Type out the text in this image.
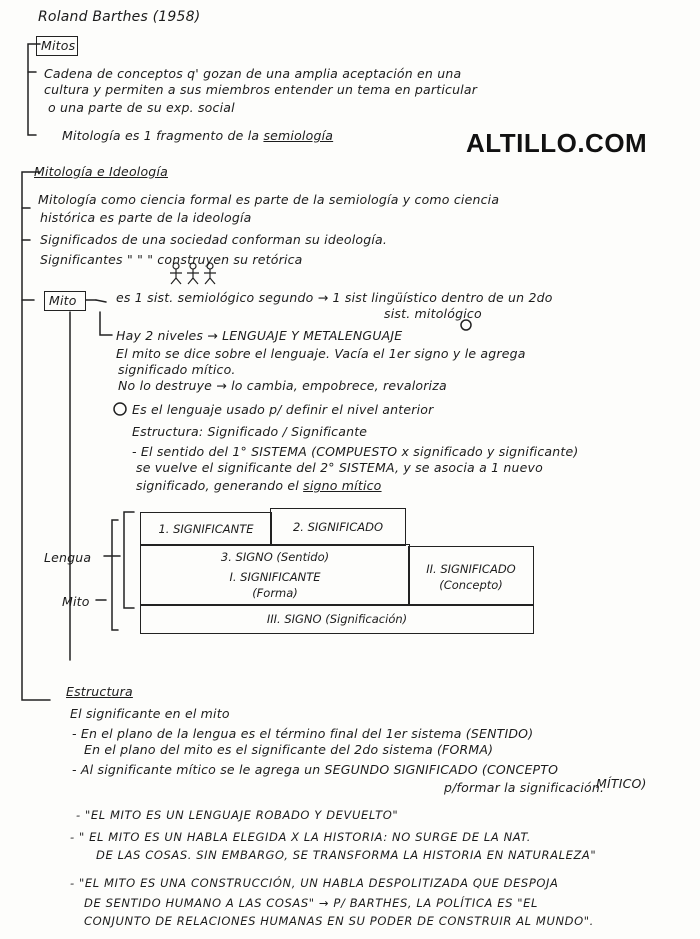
Roland Barthes (1958)
ALTILLO.COM
Mitos
Cadena de conceptos q' gozan de una amplia aceptación en una
cultura y permiten a sus miembros entender un tema en particular
o una parte de su exp. social
Mitología es 1 fragmento de la semiología
Mitología e Ideología
Mitología como ciencia formal es parte de la semiología y como ciencia
histórica es parte de la ideología
Significados de una sociedad conforman su ideología.
Significantes " " " construyen su retórica
Mito	es 1 sist. semiológico segundo → 1 sist lingüístico dentro de un 2do
sist. mitológico
Hay 2 niveles → LENGUAJE Y METALENGUAJE
El mito se dice sobre el lenguaje. Vacía el 1er signo y le agrega
significado mítico.
No lo destruye → lo cambia, empobrece, revaloriza
Es el lenguaje usado p/ definir el nivel anterior
Estructura: Significado / Significante
- El sentido del 1° SISTEMA (COMPUESTO x significado y significante)
se vuelve el significante del 2° SISTEMA, y se asocia a 1 nuevo
significado, generando el signo mítico
1. SIGNIFICANTE	2. SIGNIFICADO
3. SIGNO (Sentido)
I. SIGNIFICANTE
(Forma)
II. SIGNIFICADO
(Concepto)
III. SIGNO (Significación)
Lengua
Mito
Estructura
El significante en el mito
- En el plano de la lengua es el término final del 1er sistema (SENTIDO)
En el plano del mito es el significante del 2do sistema (FORMA)
- Al significante mítico se le agrega un SEGUNDO SIGNIFICADO (CONCEPTO
MÍTICO)
p/formar la significación.
- "EL MITO ES UN LENGUAJE ROBADO Y DEVUELTO"
- " EL MITO ES UN HABLA ELEGIDA X LA HISTORIA: NO SURGE DE LA NAT.
DE LAS COSAS. SIN EMBARGO, SE TRANSFORMA LA HISTORIA EN NATURALEZA"
- "EL MITO ES UNA CONSTRUCCIÓN, UN HABLA DESPOLITIZADA QUE DESPOJA
DE SENTIDO HUMANO A LAS COSAS" → P/ BARTHES, LA POLÍTICA ES "EL
CONJUNTO DE RELACIONES HUMANAS EN SU PODER DE CONSTRUIR AL MUNDO".
